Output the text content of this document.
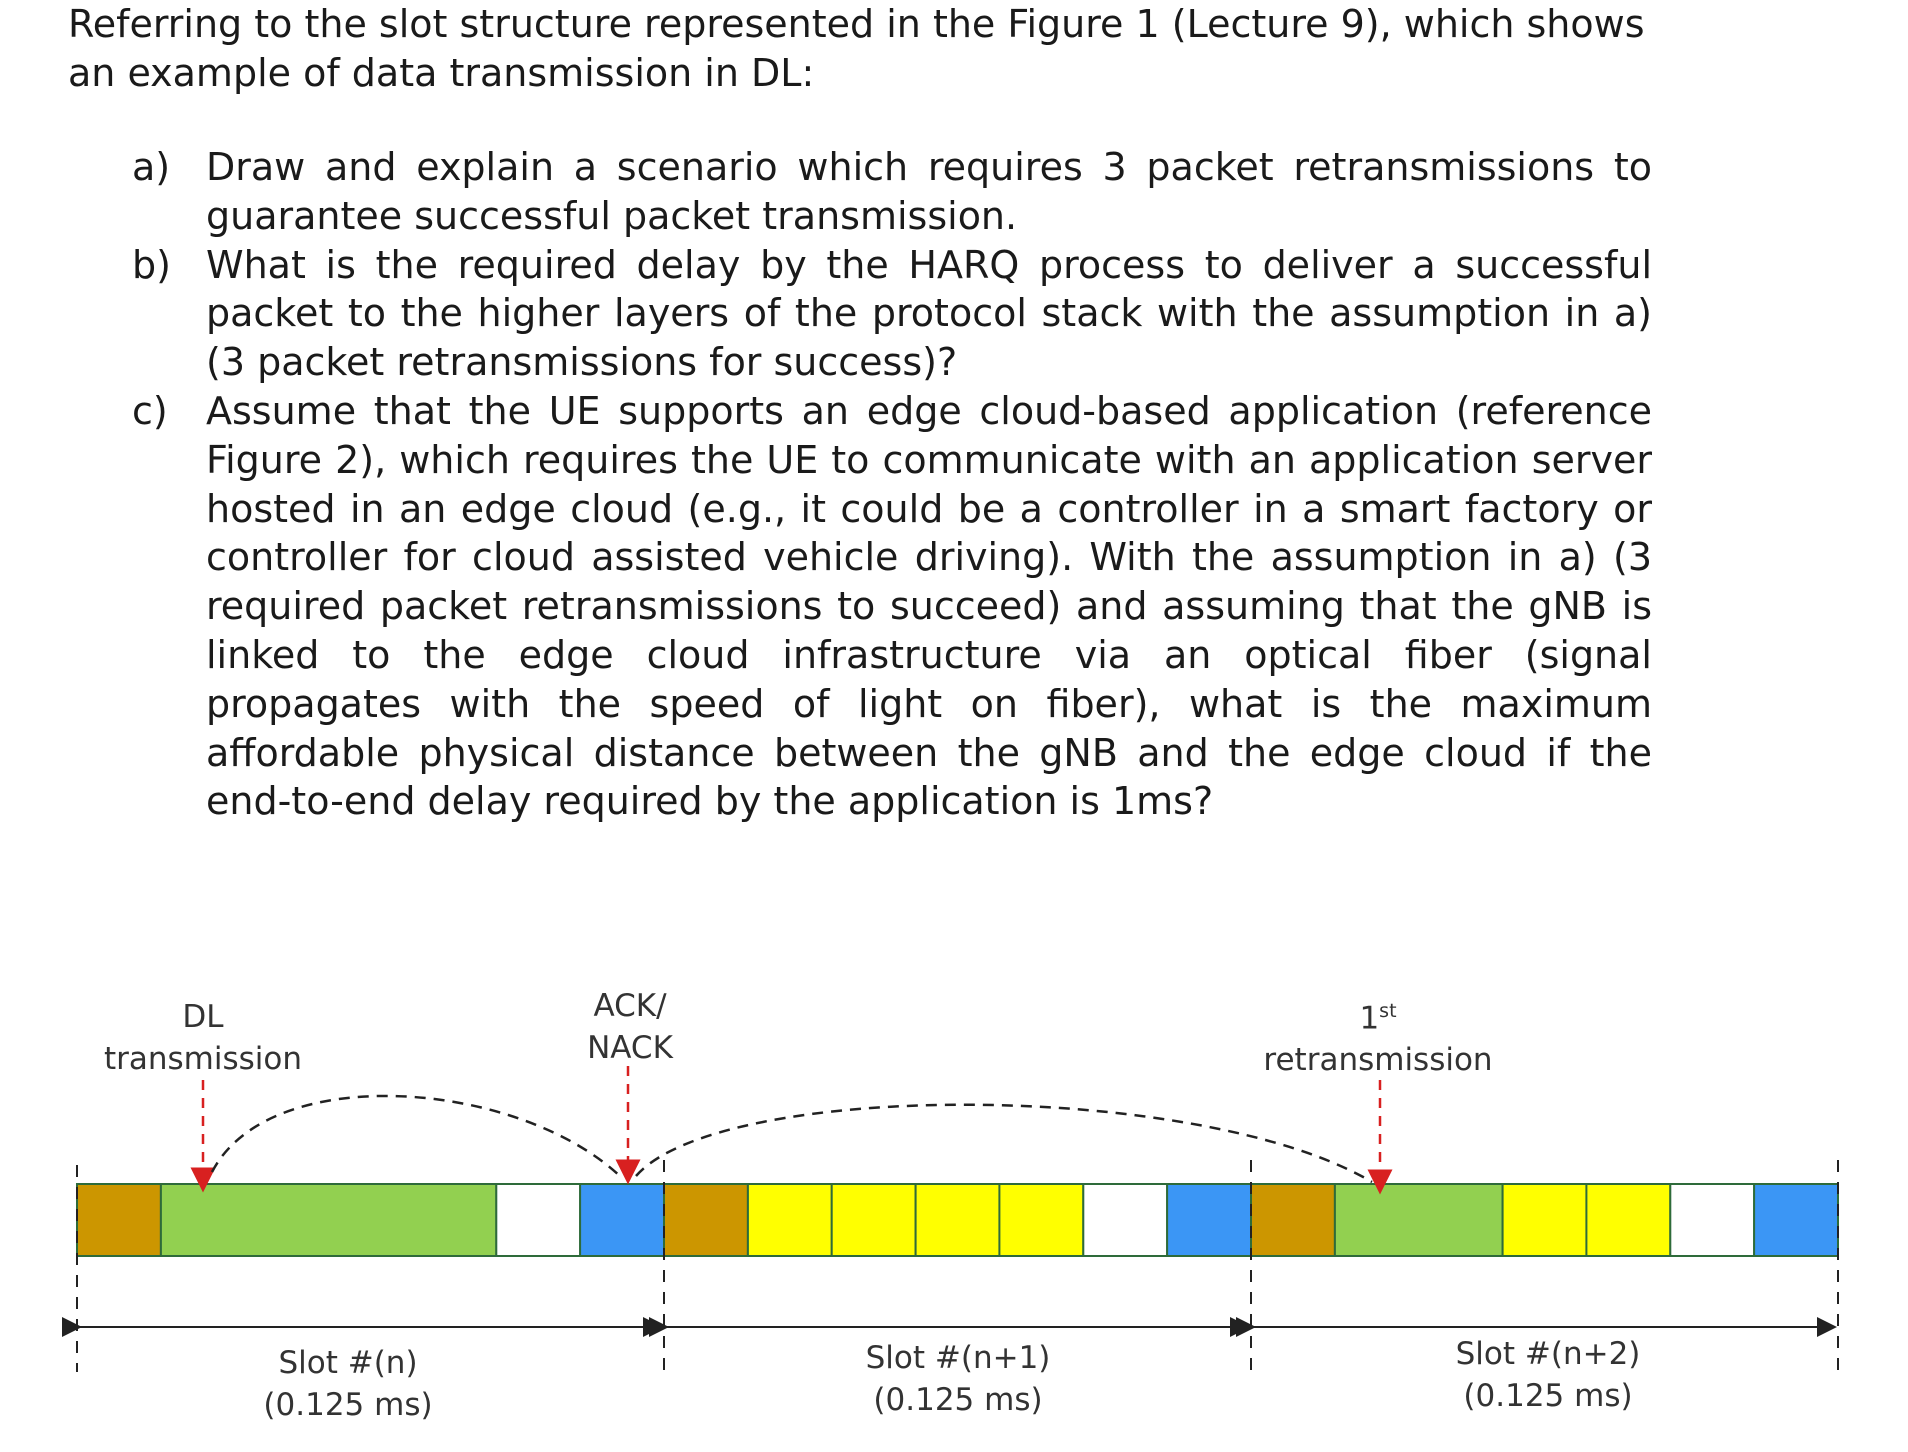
Referring to the slot structure represented in the Figure 1 (Lecture 9), which shows an example of data transmission in DL:

a) Draw and explain a scenario which requires 3 packet retransmissions to guarantee successful packet transmission.
b) What is the required delay by the HARQ process to deliver a successful packet to the higher layers of the protocol stack with the assumption in a) (3 packet retransmissions for success)?
c)	Assume that the UE supports an edge cloud-based application (reference Figure 2), which requires the UE to communicate with an application server hosted in an edge cloud (e.g., it could be a controller in a smart factory or controller for cloud assisted vehicle driving). With the assumption in a) (3 required packet retransmissions to succeed) and assuming that the gNB is linked to the edge cloud infrastructure via an optical fiber (signal propagates with the speed of light on fiber), what is the maximum affordable physical distance between the gNB and the edge cloud if the end-to-end delay required by the application is 1ms?
DL
transmission
ACK/
NACK
1st
retransmission
Slot #(n)
(0.125 ms)
Slot #(n+1)
(0.125 ms)
Slot #(n+2)
(0.125 ms)
